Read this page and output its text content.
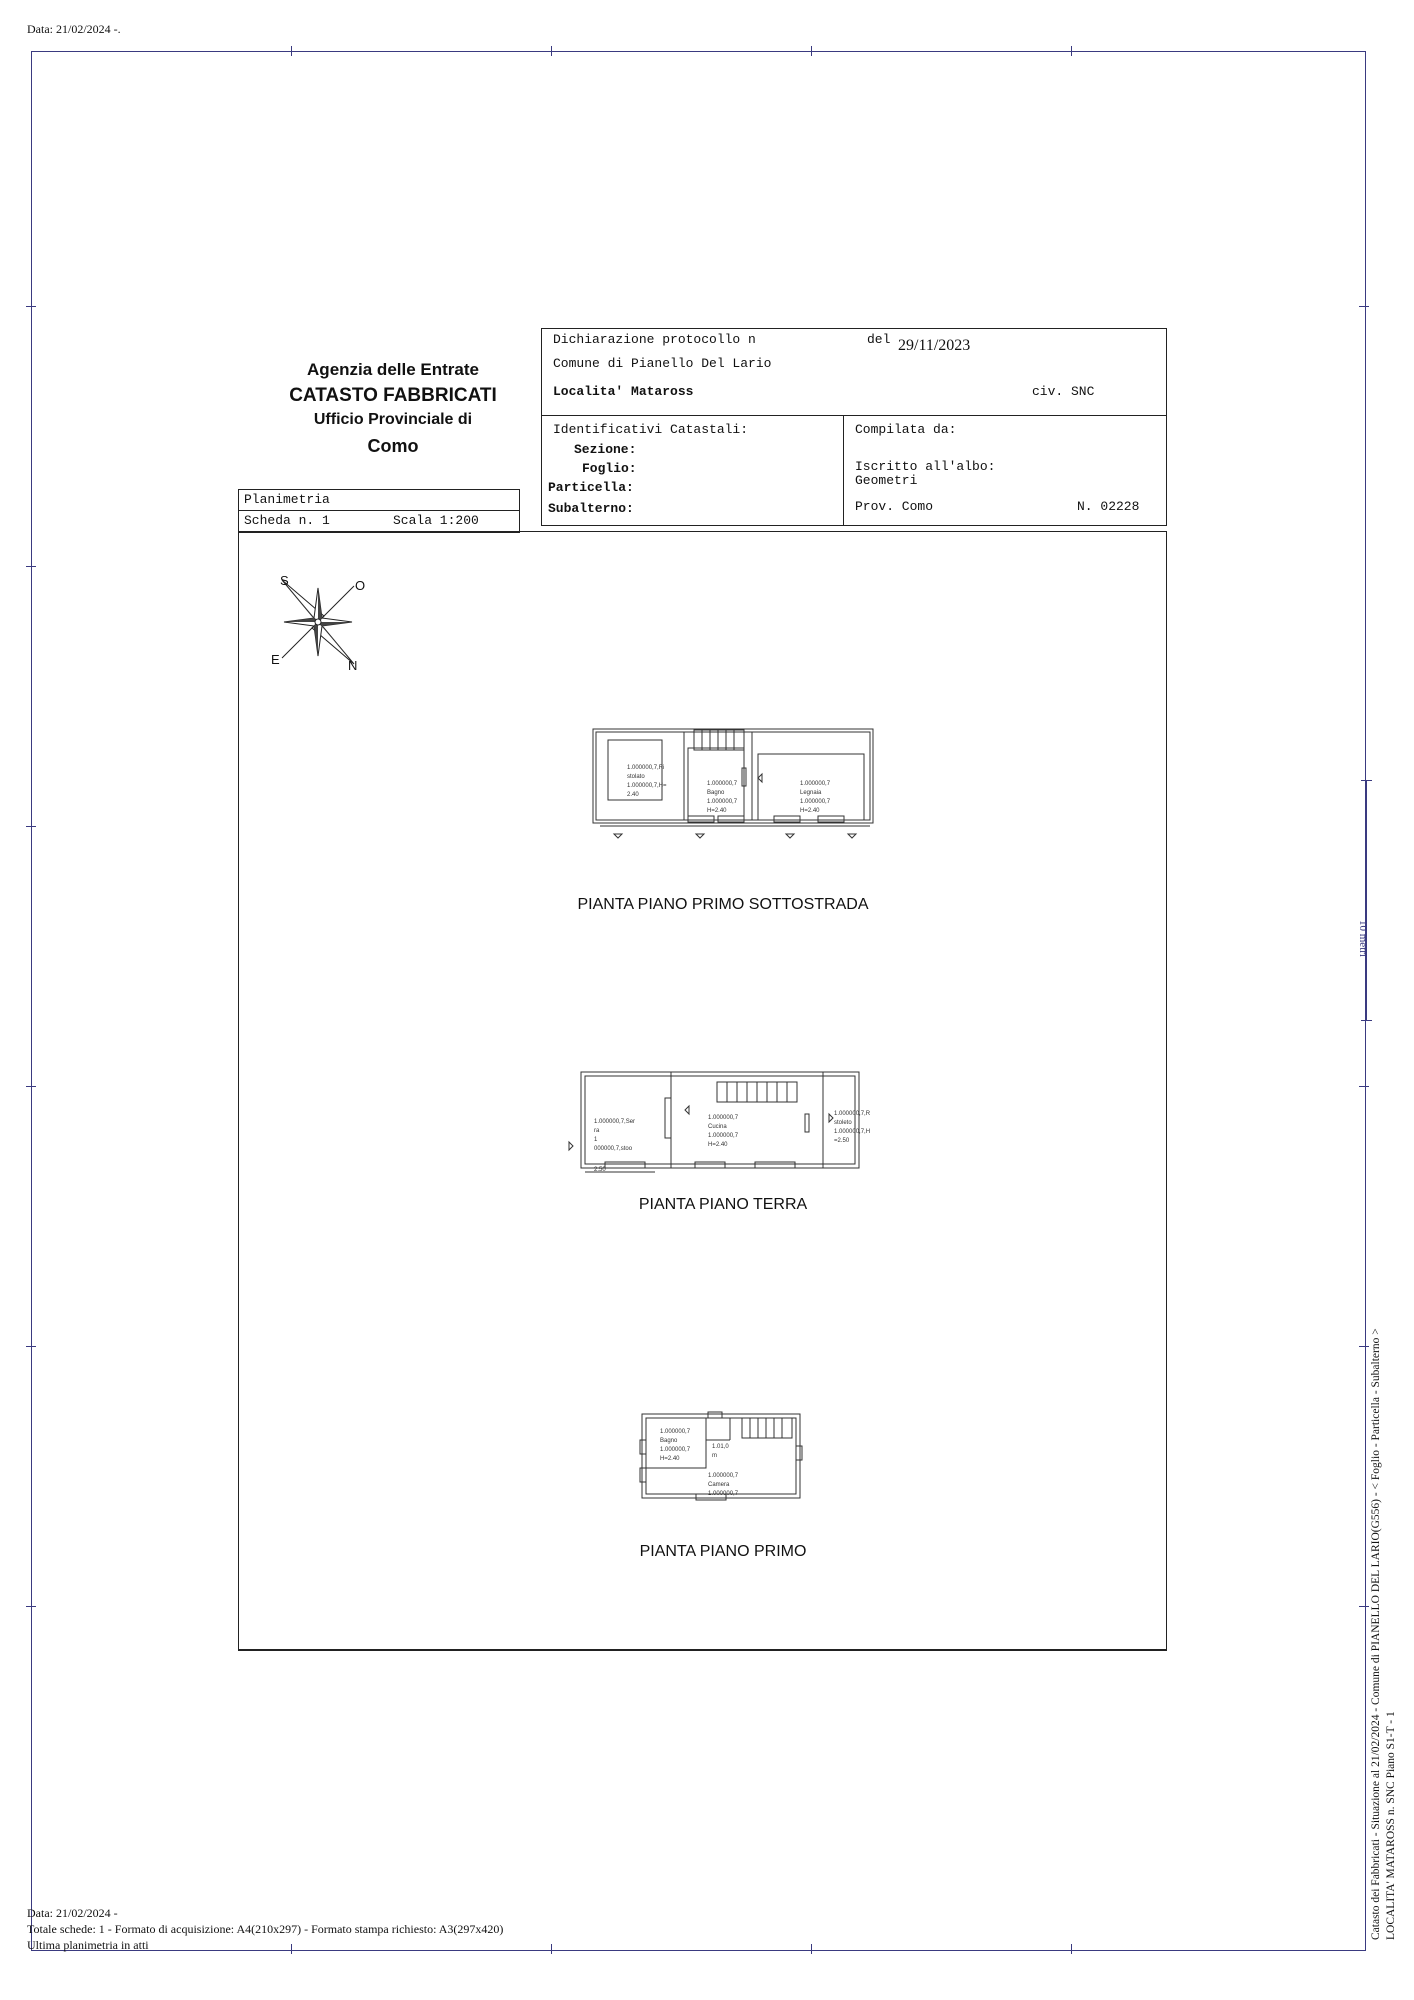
Data: 21/02/2024 -.
Agenzia delle Entrate
CATASTO FABBRICATI
Ufficio Provinciale di
Como
Dichiarazione protocollo n	del 29/11/2023
Comune di Pianello Del Lario
Localita' Matаross	civ. SNC
Identificativi Catastali:
Sezione:
Foglio:
Particella:
Subalterno:
Compilata da:
Iscritto all'albo:
Geometri
Prov. Como	N. 02228
Planimetria
Scheda n. 1	Scala 1:200
S	O
E	N
1.000000,7,Ri
stolato
1.000000,7,H=
2.40
1.000000,7
Bagno
1.000000,7
H=2.40
1.000000,7
Legnaia
1.000000,7
H=2.40
PIANTA PIANO PRIMO SOTTOSTRADA
1.000000,7,Ser
ra
1
000000,7,stoo
1.000000,7
Cucina
1.000000,7
H=2.40
1.000000,7,R
stoleto
1.000000,7,H
=2.50
2.50
PIANTA PIANO TERRA
1.000000,7
Bagno
1.000000,7
H=2.40
1.01,0
m
1.000000,7
Camera
1.000000,7
PIANTA PIANO PRIMO
Data: 21/02/2024 -
Totale schede: 1 - Formato di acquisizione: A4(210x297) - Formato stampa richiesto: A3(297x420)
Ultima planimetria in atti
10 metri
Catasto dei Fabbricati - Situazione al 21/02/2024 - Comune di PIANELLO DEL LARIO(G556) - < Foglio - Particella - Subalterno > LOCALITA' MATAROSS n. SNC Piano S1-T - 1
